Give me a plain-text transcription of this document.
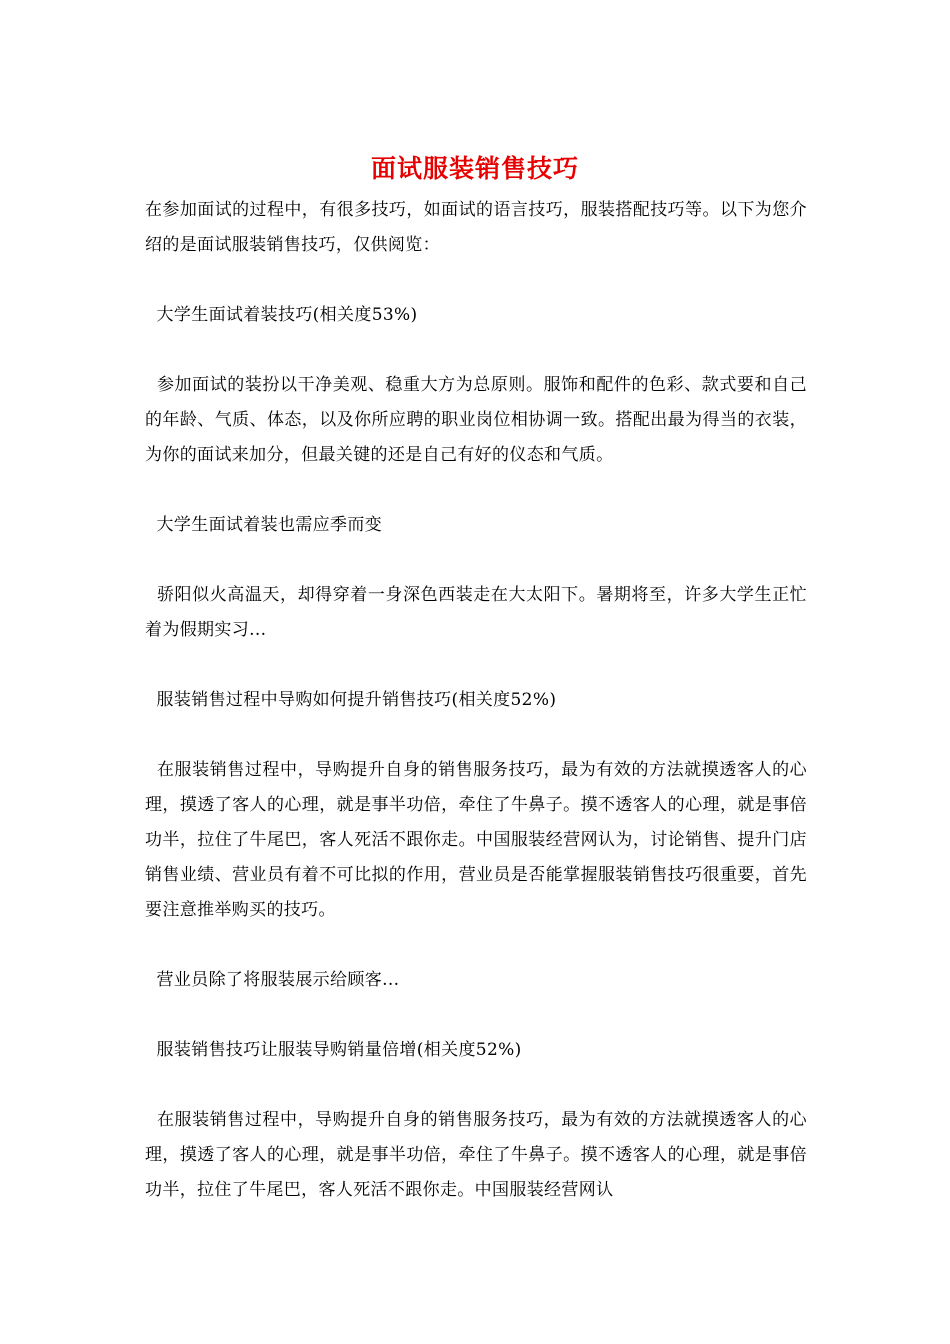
面试服装销售技巧

在参加面试的过程中，有很多技巧，如面试的语言技巧，服装搭配技巧等。以下为您介绍的是面试服装销售技巧，仅供阅览：

大学生面试着装技巧(相关度53%)

参加面试的装扮以干净美观、稳重大方为总原则。服饰和配件的色彩、款式要和自己的年龄、气质、体态，以及你所应聘的职业岗位相协调一致。搭配出最为得当的衣装，为你的面试来加分，但最关键的还是自己有好的仪态和气质。

大学生面试着装也需应季而变

骄阳似火高温天，却得穿着一身深色西装走在大太阳下。暑期将至，许多大学生正忙着为假期实习...

服装销售过程中导购如何提升销售技巧(相关度52%)

在服装销售过程中，导购提升自身的销售服务技巧，最为有效的方法就摸透客人的心理，摸透了客人的心理，就是事半功倍，牵住了牛鼻子。摸不透客人的心理，就是事倍功半，拉住了牛尾巴，客人死活不跟你走。中国服装经营网认为，讨论销售、提升门店销售业绩、营业员有着不可比拟的作用，营业员是否能掌握服装销售技巧很重要，首先要注意推举购买的技巧。

营业员除了将服装展示给顾客...

服装销售技巧让服装导购销量倍增(相关度52%)

在服装销售过程中，导购提升自身的销售服务技巧，最为有效的方法就摸透客人的心理，摸透了客人的心理，就是事半功倍，牵住了牛鼻子。摸不透客人的心理，就是事倍功半，拉住了牛尾巴，客人死活不跟你走。中国服装经营网认
